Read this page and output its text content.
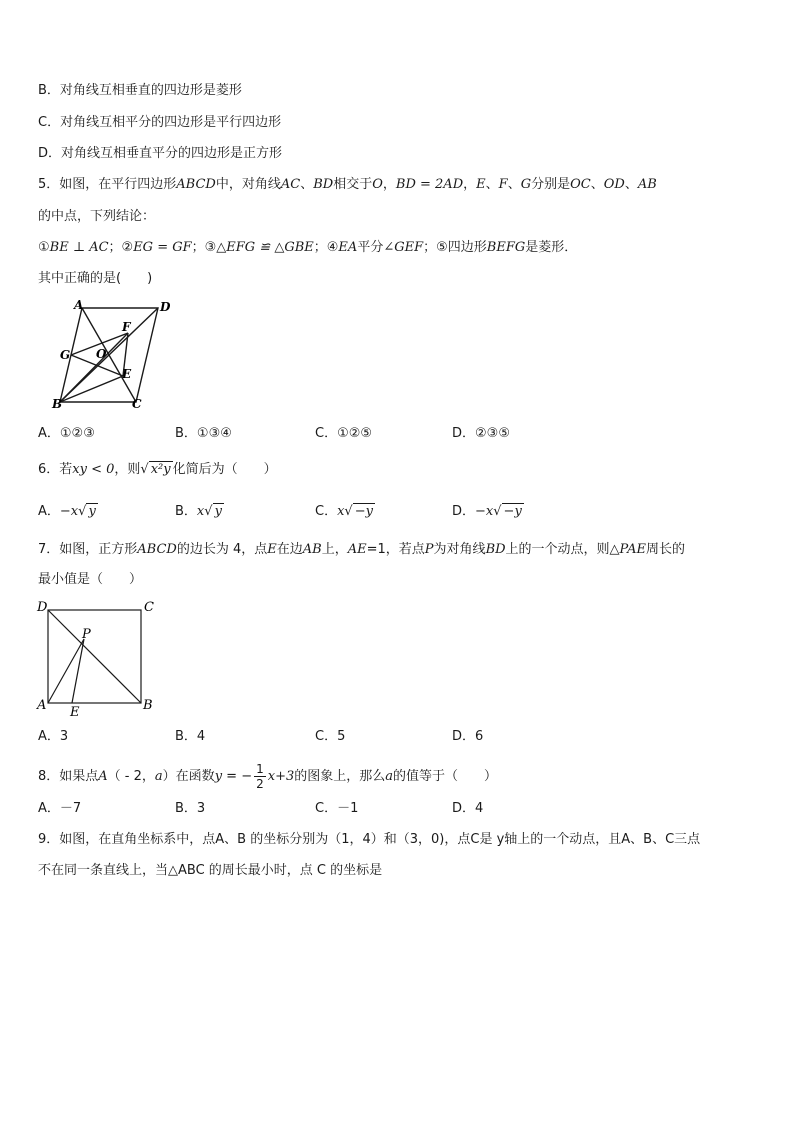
B．对角线互相垂直的四边形是菱形
C．对角线互相平分的四边形是平行四边形
D．对角线互相垂直平分的四边形是正方形
5．如图，在平行四边形ABCD中，对角线AC、BD相交于O，BD = 2AD，E、F、G分别是OC、OD、AB
的中点，下列结论：
①BE ⊥ AC；②EG = GF；③△EFG ≌ △GBE；④EA平分∠GEF；⑤四边形BEFG是菱形．
其中正确的是(　　)
A	D
F
G O
E
B	C
A．①②③	B．①③④	C．①②⑤	D．②③⑤
6．若xy < 0，则√ x²y 化简后为（　　）
A．−x√ y	B．x√ y	C．x√ −y	D．−x√ −y
7．如图，正方形ABCD的边长为 4，点E在边AB上，AE=1，若点P为对角线BD上的一个动点，则△PAE周长的
最小值是（　　）
D	C
P
A E	B
A．3	B．4	C．5	D．6
8．如果点A（ - 2，a）在函数y = − $\frac{1}{2} x+3$的图象上，那么a的值等于（　　）
A．－7	B．3	C．－1	D．4
9．如图，在直角坐标系中，点A、B 的坐标分别为（1，4）和（3，0)，点C是 y轴上的一个动点，且A、B、C三点
不在同一条直线上，当△ABC 的周长最小时，点 C 的坐标是
